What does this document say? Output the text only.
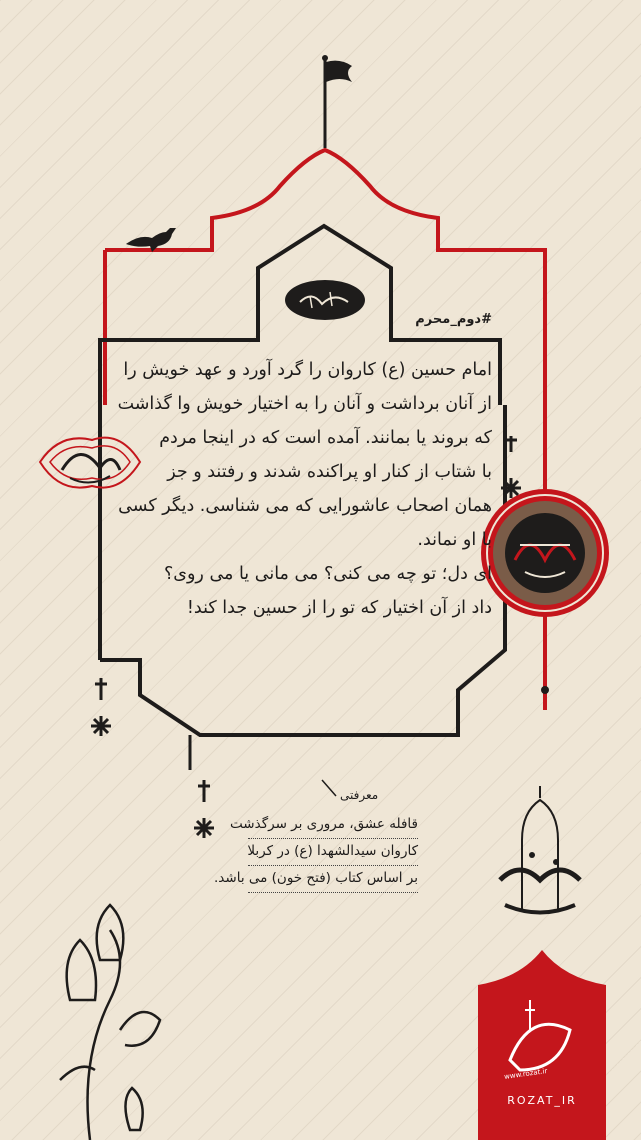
#دوم_محرم
امام حسین (ع) کاروان را گرد آورد و عهد خویش را
از آنان برداشت و آنان را به اختیار خویش وا گذاشت
که بروند یا بمانند. آمده است که در اینجا مردم
با شتاب از کنار او پراکنده شدند و رفتند و جز
همان اصحاب عاشورایی که می شناسی. دیگر کسی
با او نماند.
ای دل؛ تو چه می کنی؟ می مانی یا می روی؟
داد از آن اختیار که تو را از حسین جدا کند!
معرفتی
قافله عشق، مروری بر سرگذشت
کاروان سیدالشهدا (ع) در کربلا
بر اساس کتاب (فتح خون) می باشد.
www.rozat.ir
ROZAT_IR
